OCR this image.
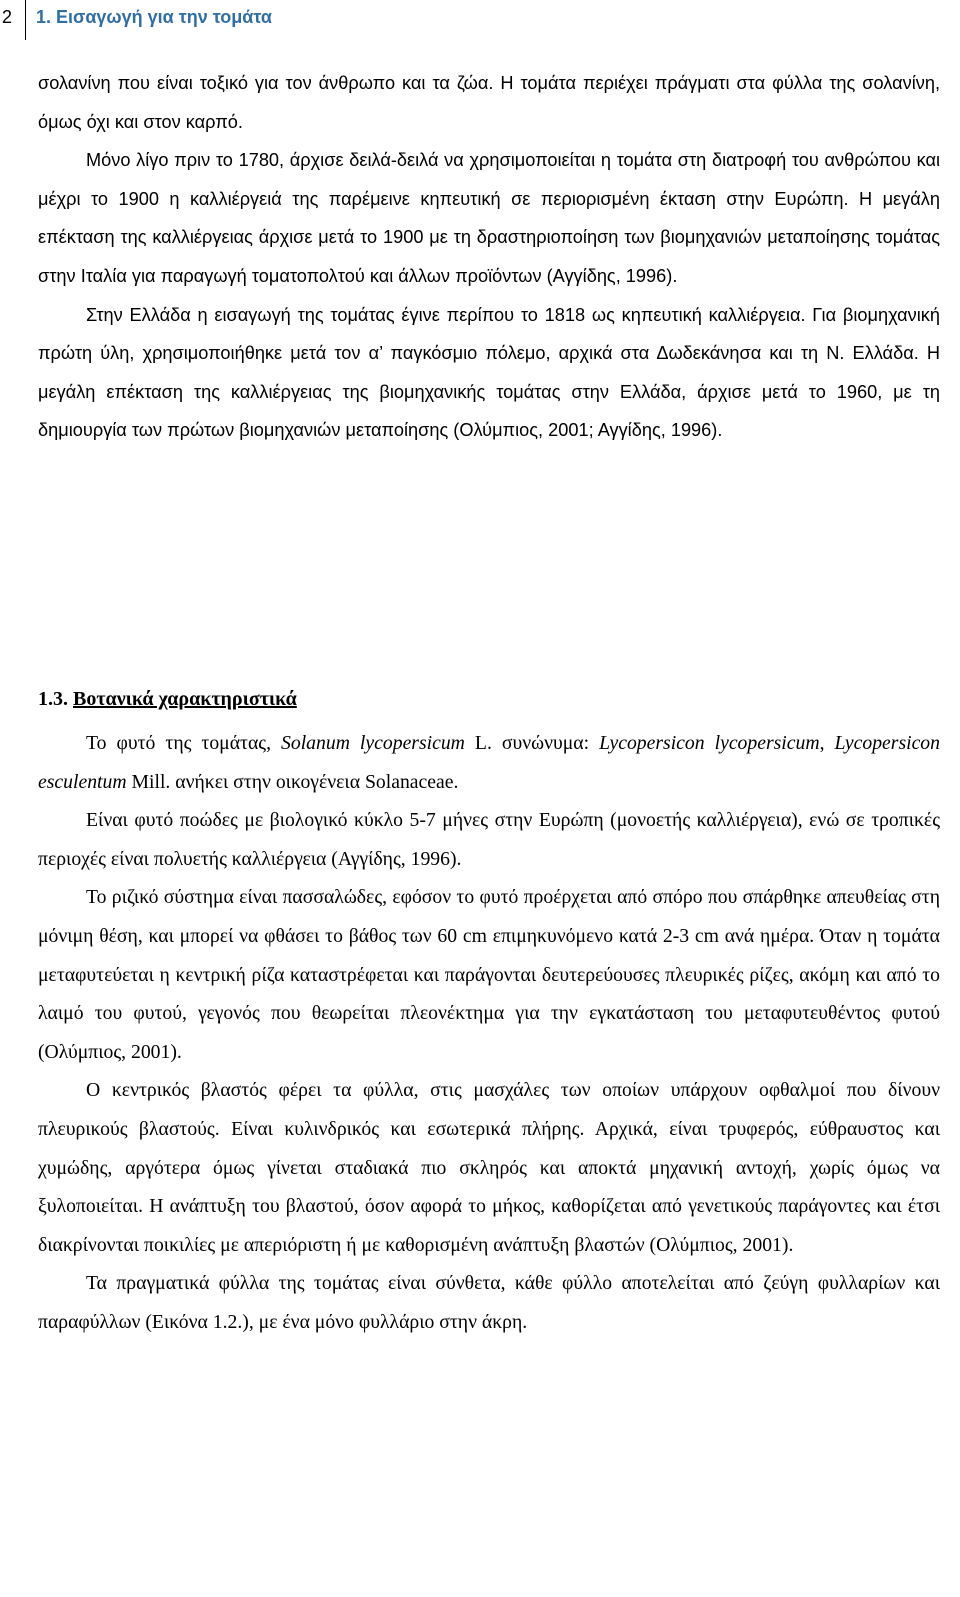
2 1. Εισαγωγή για την τομάτα

σολανίνη που είναι τοξικό για τον άνθρωπο και τα ζώα. Η τομάτα περιέχει πράγματι στα φύλλα της σολανίνη, όμως όχι και στον καρπό.

Μόνο λίγο πριν το 1780, άρχισε δειλά-δειλά να χρησιμοποιείται η τομάτα στη διατροφή του ανθρώπου και μέχρι το 1900 η καλλιέργειά της παρέμεινε κηπευτική σε περιορισμένη έκταση στην Ευρώπη. Η μεγάλη επέκταση της καλλιέργειας άρχισε μετά το 1900 με τη δραστηριοποίηση των βιομηχανιών μεταποίησης τομάτας στην Ιταλία για παραγωγή τοματοπολτού και άλλων προϊόντων (Αγγίδης, 1996).

Στην Ελλάδα η εισαγωγή της τομάτας έγινε περίπου το 1818 ως κηπευτική καλλιέργεια. Για βιομηχανική πρώτη ύλη, χρησιμοποιήθηκε μετά τον α’ παγκόσμιο πόλεμο, αρχικά στα Δωδεκάνησα και τη Ν. Ελλάδα. Η μεγάλη επέκταση της καλλιέργειας της βιομηχανικής τομάτας στην Ελλάδα, άρχισε μετά το 1960, με τη δημιουργία των πρώτων βιομηχανιών μεταποίησης (Ολύμπιος, 2001; Αγγίδης, 1996).

1.3. Βοτανικά χαρακτηριστικά

Το φυτό της τομάτας, Solanum lycopersicum L. συνώνυμα: Lycopersicon lycopersicum, Lycopersicon esculentum Mill. ανήκει στην οικογένεια Solanaceae.

Είναι φυτό ποώδες με βιολογικό κύκλο 5-7 μήνες στην Ευρώπη (μονοετής καλλιέργεια), ενώ σε τροπικές περιοχές είναι πολυετής καλλιέργεια (Αγγίδης, 1996).

Το ριζικό σύστημα είναι πασσαλώδες, εφόσον το φυτό προέρχεται από σπόρο που σπάρθηκε απευθείας στη μόνιμη θέση, και μπορεί να φθάσει το βάθος των 60 cm επιμηκυνόμενο κατά 2-3 cm ανά ημέρα. Όταν η τομάτα μεταφυτεύεται η κεντρική ρίζα καταστρέφεται και παράγονται δευτερεύουσες πλευρικές ρίζες, ακόμη και από το λαιμό του φυτού, γεγονός που θεωρείται πλεονέκτημα για την εγκατάσταση του μεταφυτευθέντος φυτού (Ολύμπιος, 2001).

Ο κεντρικός βλαστός φέρει τα φύλλα, στις μασχάλες των οποίων υπάρχουν οφθαλμοί που δίνουν πλευρικούς βλαστούς. Είναι κυλινδρικός και εσωτερικά πλήρης. Αρχικά, είναι τρυφερός, εύθραυστος και χυμώδης, αργότερα όμως γίνεται σταδιακά πιο σκληρός και αποκτά μηχανική αντοχή, χωρίς όμως να ξυλοποιείται. Η ανάπτυξη του βλαστού, όσον αφορά το μήκος, καθορίζεται από γενετικούς παράγοντες και έτσι διακρίνονται ποικιλίες με απεριόριστη ή με καθορισμένη ανάπτυξη βλαστών (Ολύμπιος, 2001).

Τα πραγματικά φύλλα της τομάτας είναι σύνθετα, κάθε φύλλο αποτελείται από ζεύγη φυλλαρίων και παραφύλλων (Εικόνα 1.2.), με ένα μόνο φυλλάριο στην άκρη.
